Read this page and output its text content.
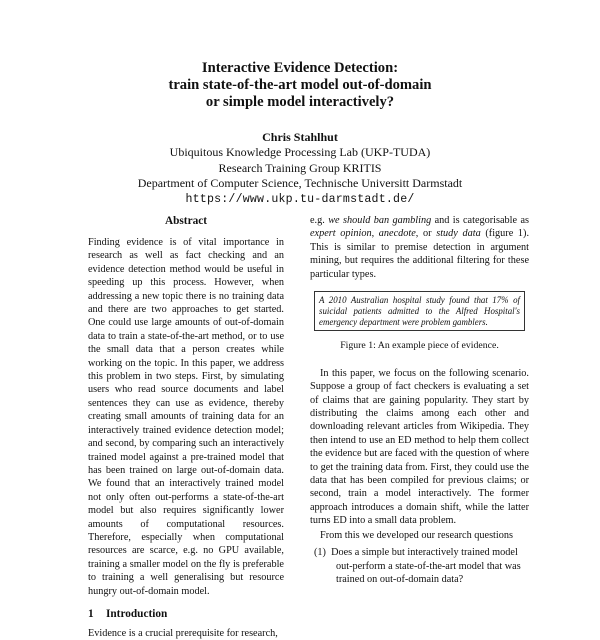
Interactive Evidence Detection:
train state-of-the-art model out-of-domain
or simple model interactively?
Chris Stahlhut
Ubiquitous Knowledge Processing Lab (UKP-TUDA)
Research Training Group KRITIS
Department of Computer Science, Technische Universitt Darmstadt
https://www.ukp.tu-darmstadt.de/
Abstract
Finding evidence is of vital importance in research as well as fact checking and an evidence detection method would be useful in speeding up this process. However, when addressing a new topic there is no training data and there are two approaches to get started. One could use large amounts of out-of-domain data to train a state-of-the-art method, or to use the small data that a person creates while working on the topic. In this paper, we address this problem in two steps. First, by simulating users who read source documents and label sentences they can use as evidence, thereby creating small amounts of training data for an interactively trained evidence detection model; and second, by comparing such an interactively trained model against a pre-trained model that has been trained on large out-of-domain data. We found that an interactively trained model not only often out-performs a state-of-the-art model but also requires significantly lower amounts of computational resources. Therefore, especially when computational resources are scarce, e.g. no GPU available, training a smaller model on the fly is preferable to training a well generalising but resource hungry out-of-domain model.
1 Introduction
Evidence is a crucial prerequisite for research,
e.g. we should ban gambling and is categorisable as expert opinion, anecdote, or study data (figure 1). This is similar to premise detection in argument mining, but requires the additional filtering for these particular types.
A 2010 Australian hospital study found that 17% of suicidal patients admitted to the Alfred Hospital's emergency department were problem gamblers.
Figure 1: An example piece of evidence.
In this paper, we focus on the following scenario. Suppose a group of fact checkers is evaluating a set of claims that are gaining popularity. They start by distributing the claims among each other and downloading relevant articles from Wikipedia. They then intend to use an ED method to help them collect the evidence but are faced with the question of where to get the training data from. First, they could use the data that has been compiled for previous claims; or second, train a model interactively. The former approach introduces a domain shift, while the latter turns ED into a small data problem.
From this we developed our research questions
(1) Does a simple but interactively trained model out-perform a state-of-the-art model that was trained on out-of-domain data?
